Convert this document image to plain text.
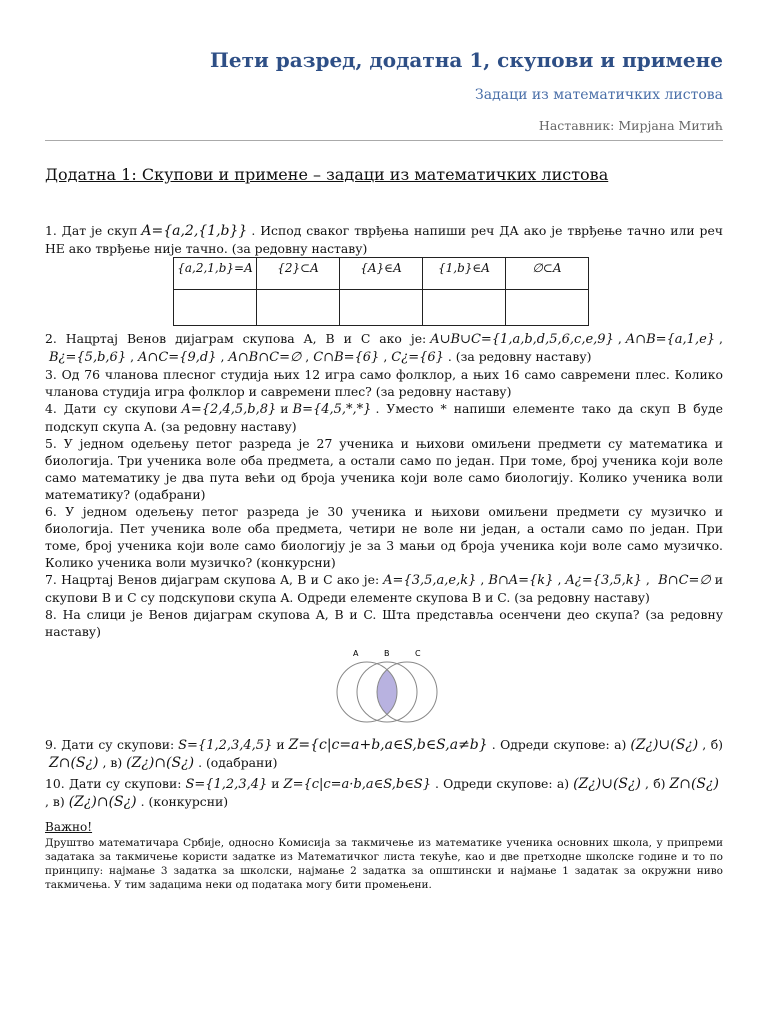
Пети разред, додатна 1, скупови и примене
Задаци из математичких листова
Наставник: Мирјана Митић
Додатна 1: Скупови и примене – задаци из математичких листова

1. Дат је скуп A={a,2,{1,b}} . Испод сваког тврђења напиши реч ДА ако је тврђење тачно или реч НЕ ако тврђење није тачно. (за редовну наставу)

{a,2,1,b}=A	{2}⊂A	{A}∈A	{1,b}∈A	∅⊂A

2. Нацртај Венов дијаграм скупова A, B и C ако је: A∪B∪C={1,a,b,d,5,6,c,e,9} , A∩B={a,1,e} , B¿={5,b,6} , A∩C={9,d} , A∩B∩C=∅ , C∩B={6} , C¿={6} . (за редовну наставу)

3. Од 76 чланова плесног студија њих 12 игра само фолклор, а њих 16 само савремени плес. Колико чланова студија игра фолклор и савремени плес? (за редовну наставу)

4. Дати су скупови A={2,4,5,b,8} и B={4,5,*,*} . Уместо * напиши елементе тако да скуп B буде подскуп скупа A. (за редовну наставу)

5. У једном одељењу петог разреда је 27 ученика и њихови омиљени предмети су математика и биологија. Три ученика воле оба предмета, а остали само по један. При томе, број ученика који воле само математику је два пута већи од броја ученика који воле само биологију. Колико ученика воли математику? (одабрани)

6. У једном одељењу петог разреда је 30 ученика и њихови омиљени предмети су музичко и биологија. Пет ученика воле оба предмета, четири не воле ни један, а остали само по један. При томе, број ученика који воле само биологију је за 3 мањи од броја ученика који воле само музичко. Колико ученика воли музичко? (конкурсни)

7. Нацртај Венов дијаграм скупова A, B и C ако је: A={3,5,a,e,k} , B∩A={k} , A¿={3,5,k} , B∩C=∅ и скупови B и C су подскупови скупа A. Одреди елементе скупова B и C. (за редовну наставу)

8. На слици је Венов дијаграм скупова A, B и C. Шта представља осенчени део скупа? (за редовну наставу)

A	B	C

9. Дати су скупови: S={1,2,3,4,5} и Z={c|c=a+b,a∈S,b∈S,a≠b} . Одреди скупове: а) (Z¿)∪(S¿) , б)Z∩(S¿) , в) (Z¿)∩(S¿) . (одабрани)

10. Дати су скупови: S={1,2,3,4} и Z={c|c=a·b,a∈S,b∈S} . Одреди скупове: а) (Z¿)∪(S¿) , б) Z∩(S¿), в) (Z¿)∩(S¿) . (конкурсни)

Важно!
Друштво математичара Србије, односно Комисија за такмичење из математике ученика основних школа, у припреми задатака за такмичење користи задатке из Математичког листа текуће, као и две претходне школске године и то по принципу: најмање 3 задатка за школски, најмање 2 задатка за општински и најмање 1 задатак за окружни ниво такмичења. У тим задацима неки од података могу бити промењени.
